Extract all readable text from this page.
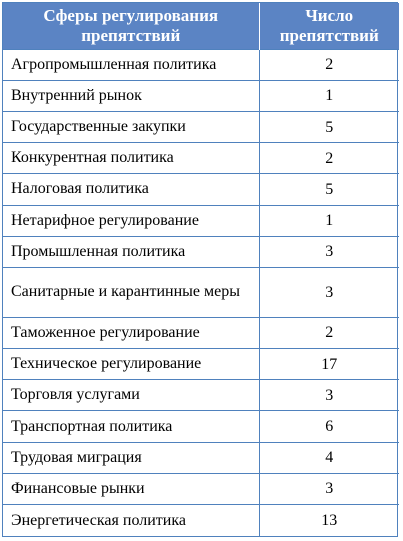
Сферы регулирования препятствий	Число препятствий
Агропромышленная политика	2
Внутренний рынок	1
Государственные закупки	5
Конкурентная политика	2
Налоговая политика	5
Нетарифное регулирование	1
Промышленная политика	3
Санитарные и карантинные меры	3
Таможенное регулирование	2
Техническое регулирование	17
Торговля услугами	3
Транспортная политика	6
Трудовая миграция	4
Финансовые рынки	3
Энергетическая политика	13
